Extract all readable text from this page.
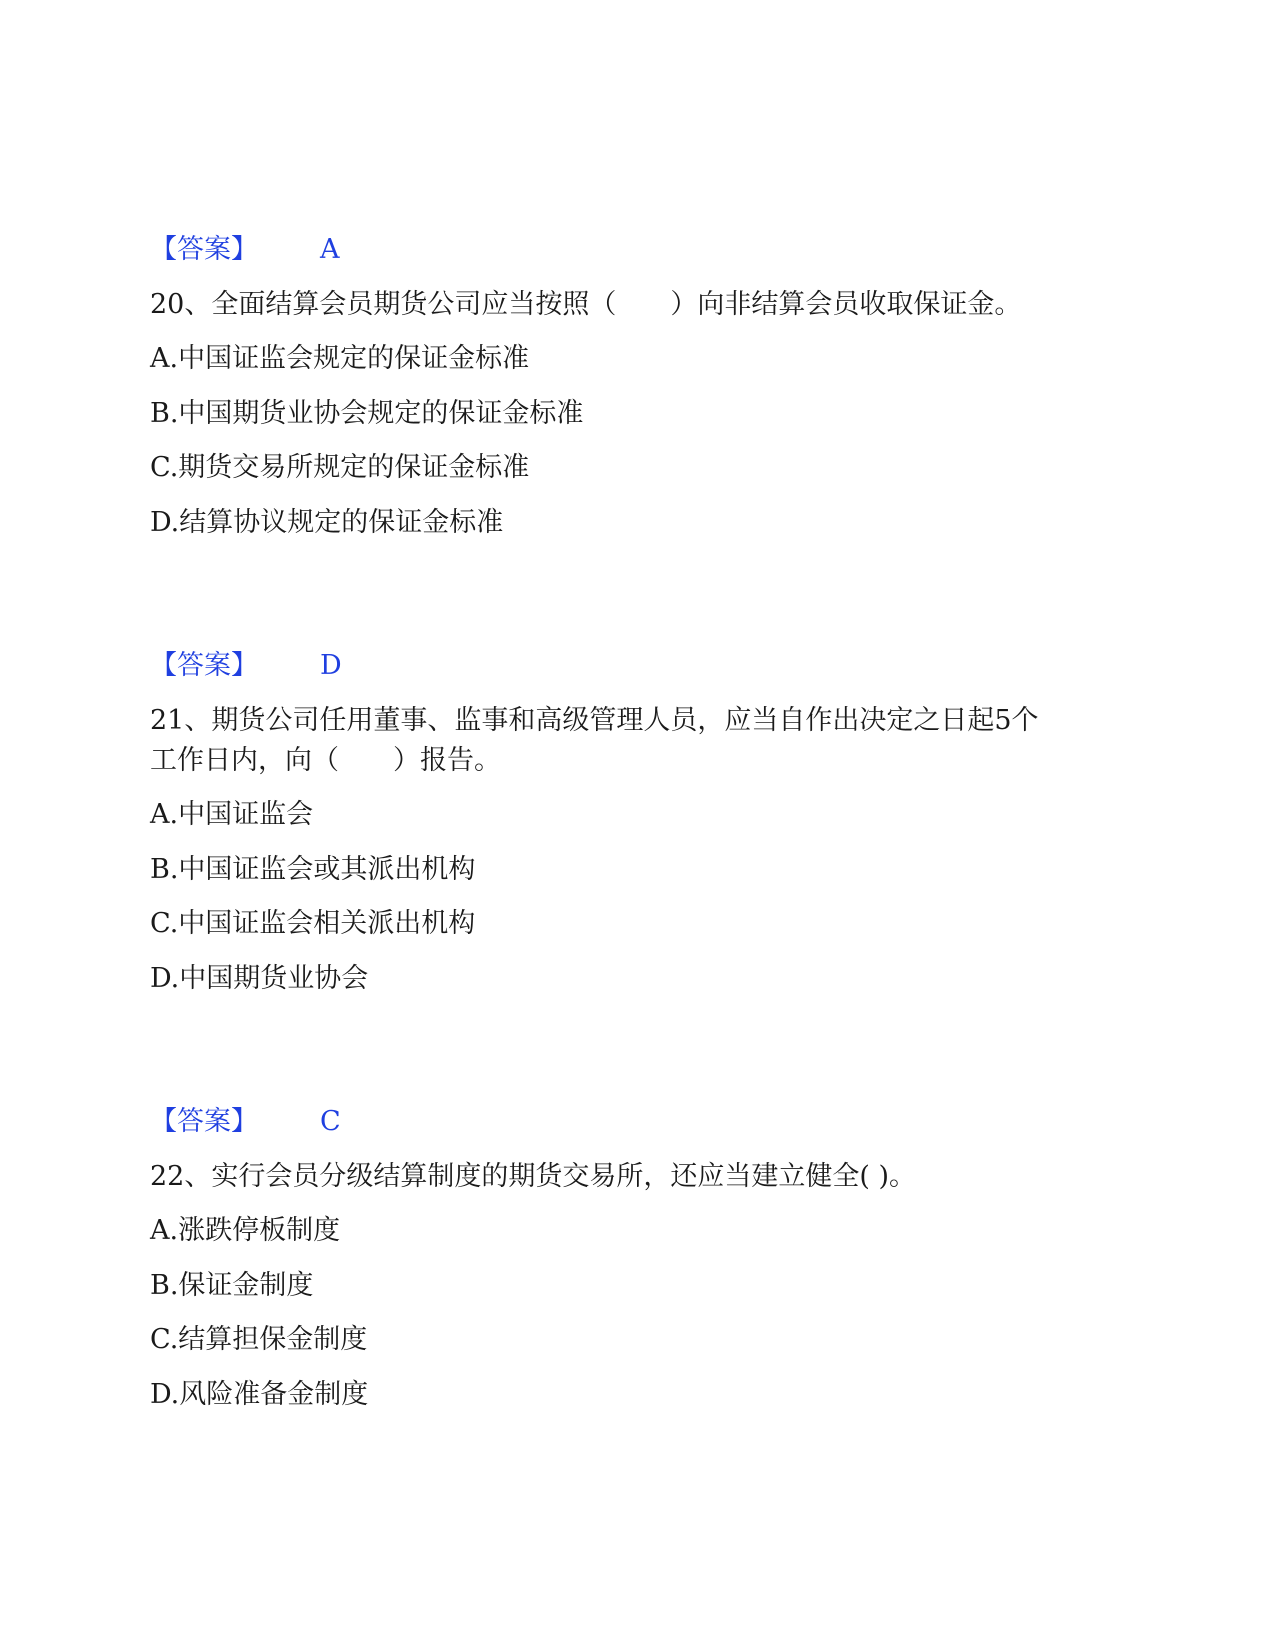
【答案】 A
20、全面结算会员期货公司应当按照（　　）向非结算会员收取保证金。
A.中国证监会规定的保证金标准
B.中国期货业协会规定的保证金标准
C.期货交易所规定的保证金标准
D.结算协议规定的保证金标准
【答案】 D
21、期货公司任用董事、监事和高级管理人员，应当自作出决定之日起5个
工作日内，向（　　）报告。
A.中国证监会
B.中国证监会或其派出机构
C.中国证监会相关派出机构
D.中国期货业协会
【答案】 C
22、实行会员分级结算制度的期货交易所，还应当建立健全( )。
A.涨跌停板制度
B.保证金制度
C.结算担保金制度
D.风险准备金制度
